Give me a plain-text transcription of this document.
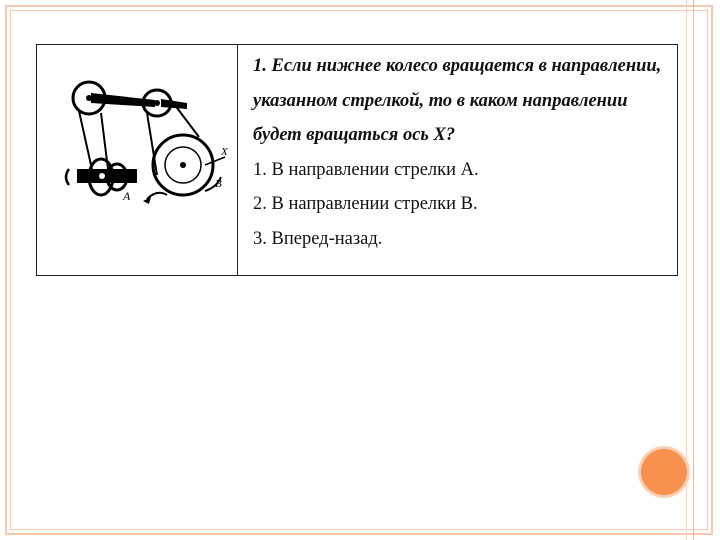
X
A
B
1. Если нижнее колесо вращается в направлении, указанном стрелкой, то в каком направлении будет вращаться ось X?
1. В направлении стрелки А.
2. В направлении стрелки В.
3. Вперед-назад.
